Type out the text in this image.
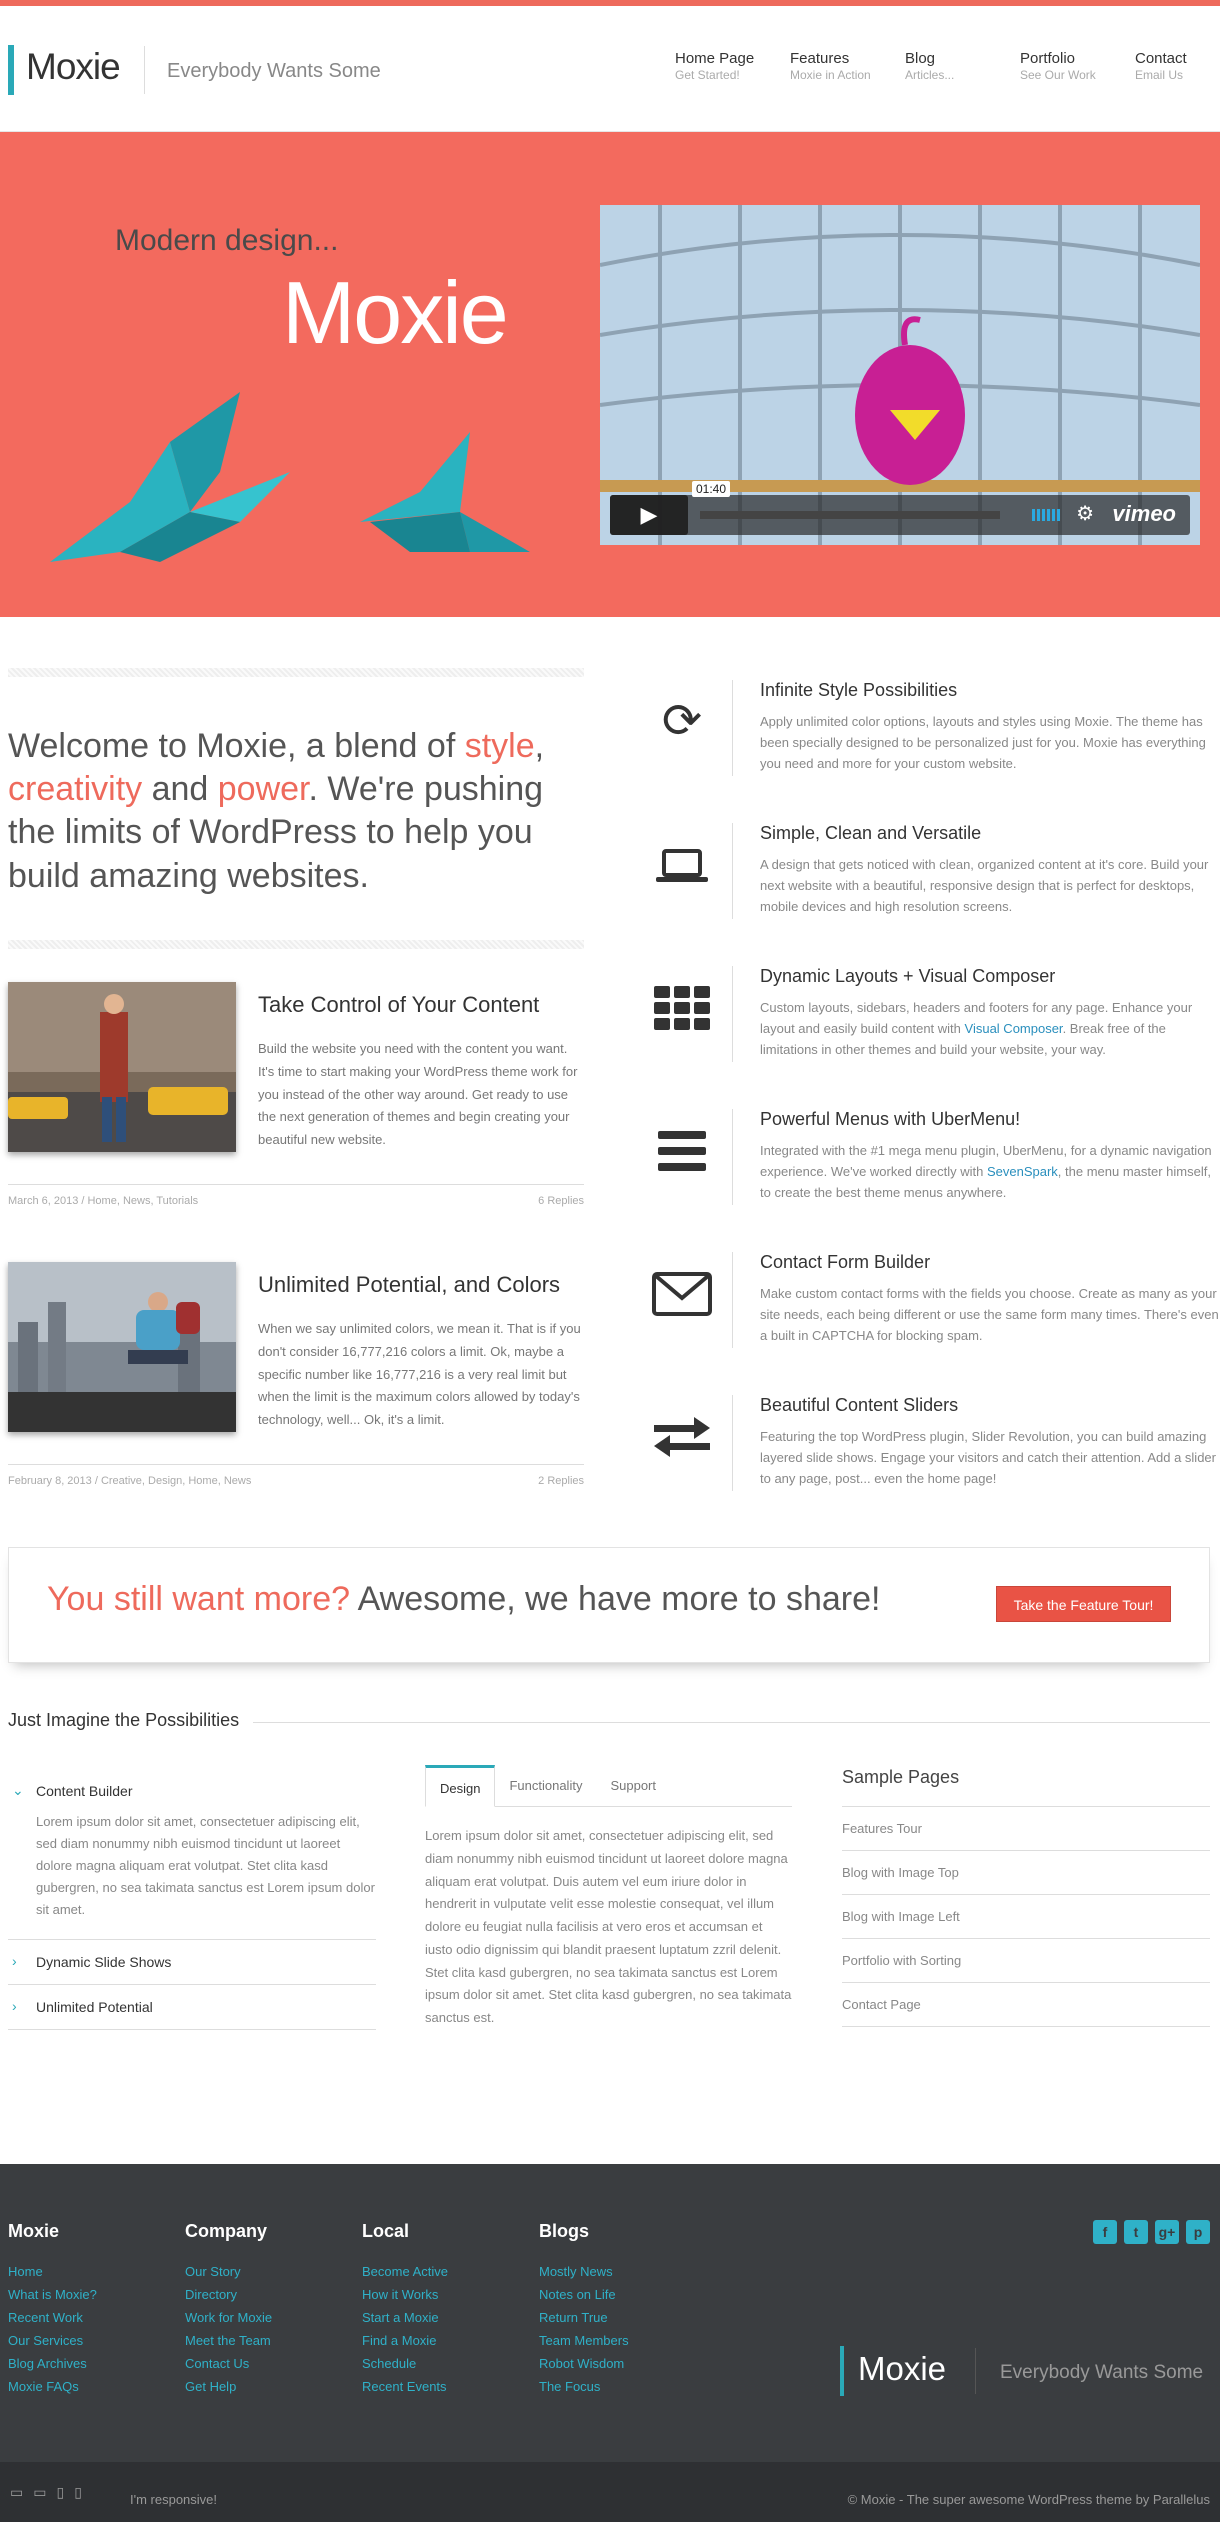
Moxie Everybody Wants Some
Home Page
Get Started!
Features
Moxie in Action
Blog
Articles...
Portfolio
See Our Work
Contact
Email Us
Modern design...
Moxie
▶
01:40
⚙ vimeo
Welcome to Moxie, a blend of style, creativity and power. We're pushing the limits of WordPress to help you build amazing websites.
Take Control of Your Content
Build the website you need with the content you want. It's time to start making your WordPress theme work for you instead of the other way around. Get ready to use the next generation of themes and begin creating your beautiful new website.
March 6, 2013 / Home, News, Tutorials	6 Replies
Unlimited Potential, and Colors
When we say unlimited colors, we mean it. That is if you don't consider 16,777,216 colors a limit. Ok, maybe a specific number like 16,777,216 is a very real limit but when the limit is the maximum colors allowed by today's technology, well... Ok, it's a limit.
February 8, 2013 / Creative, Design, Home, News	2 Replies
⟳
Infinite Style Possibilities
Apply unlimited color options, layouts and styles using Moxie. The theme has been specially designed to be personalized just for you. Moxie has everything you need and more for your custom website.
Simple, Clean and Versatile
A design that gets noticed with clean, organized content at it's core. Build your next website with a beautiful, responsive design that is perfect for desktops, mobile devices and high resolution screens.
Dynamic Layouts + Visual Composer
Custom layouts, sidebars, headers and footers for any page. Enhance your layout and easily build content with Visual Composer. Break free of the limitations in other themes and build your website, your way.
Powerful Menus with UberMenu!
Integrated with the #1 mega menu plugin, UberMenu, for a dynamic navigation experience. We've worked directly with SevenSpark, the menu master himself, to create the best theme menus anywhere.
Contact Form Builder
Make custom contact forms with the fields you choose. Create as many as your site needs, each being different or use the same form many times. There's even a built in CAPTCHA for blocking spam.
Beautiful Content Sliders
Featuring the top WordPress plugin, Slider Revolution, you can build amazing layered slide shows. Engage your visitors and catch their attention. Add a slider to any page, post... even the home page!
You still want more? Awesome, we have more to share!	Take the Feature Tour!
Just Imagine the Possibilities
⌄ Content Builder
Lorem ipsum dolor sit amet, consectetuer adipiscing elit, sed diam nonummy nibh euismod tincidunt ut laoreet dolore magna aliquam erat volutpat. Stet clita kasd gubergren, no sea takimata sanctus est Lorem ipsum dolor sit amet.
› Dynamic Slide Shows
› Unlimited Potential
Design	Functionality	Support
Lorem ipsum dolor sit amet, consectetuer adipiscing elit, sed diam nonummy nibh euismod tincidunt ut laoreet dolore magna aliquam erat volutpat. Duis autem vel eum iriure dolor in hendrerit in vulputate velit esse molestie consequat, vel illum dolore eu feugiat nulla facilisis at vero eros et accumsan et iusto odio dignissim qui blandit praesent luptatum zzril delenit. Stet clita kasd gubergren, no sea takimata sanctus est Lorem ipsum dolor sit amet. Stet clita kasd gubergren, no sea takimata sanctus est.
Sample Pages
Features Tour
Blog with Image Top
Blog with Image Left
Portfolio with Sorting
Contact Page
Moxie
Home
What is Moxie?
Recent Work
Our Services
Blog Archives
Moxie FAQs
Company
Our Story
Directory
Work for Moxie
Meet the Team
Contact Us
Get Help
Local
Become Active
How it Works
Start a Moxie
Find a Moxie
Schedule
Recent Events
Blogs
Mostly News
Notes on Life
Return True
Team Members
Robot Wisdom
The Focus
f	t	g+	p
Moxie	Everybody Wants Some
▭ ▭ ▯ ▯	I'm responsive!	© Moxie - The super awesome WordPress theme by Parallelus
